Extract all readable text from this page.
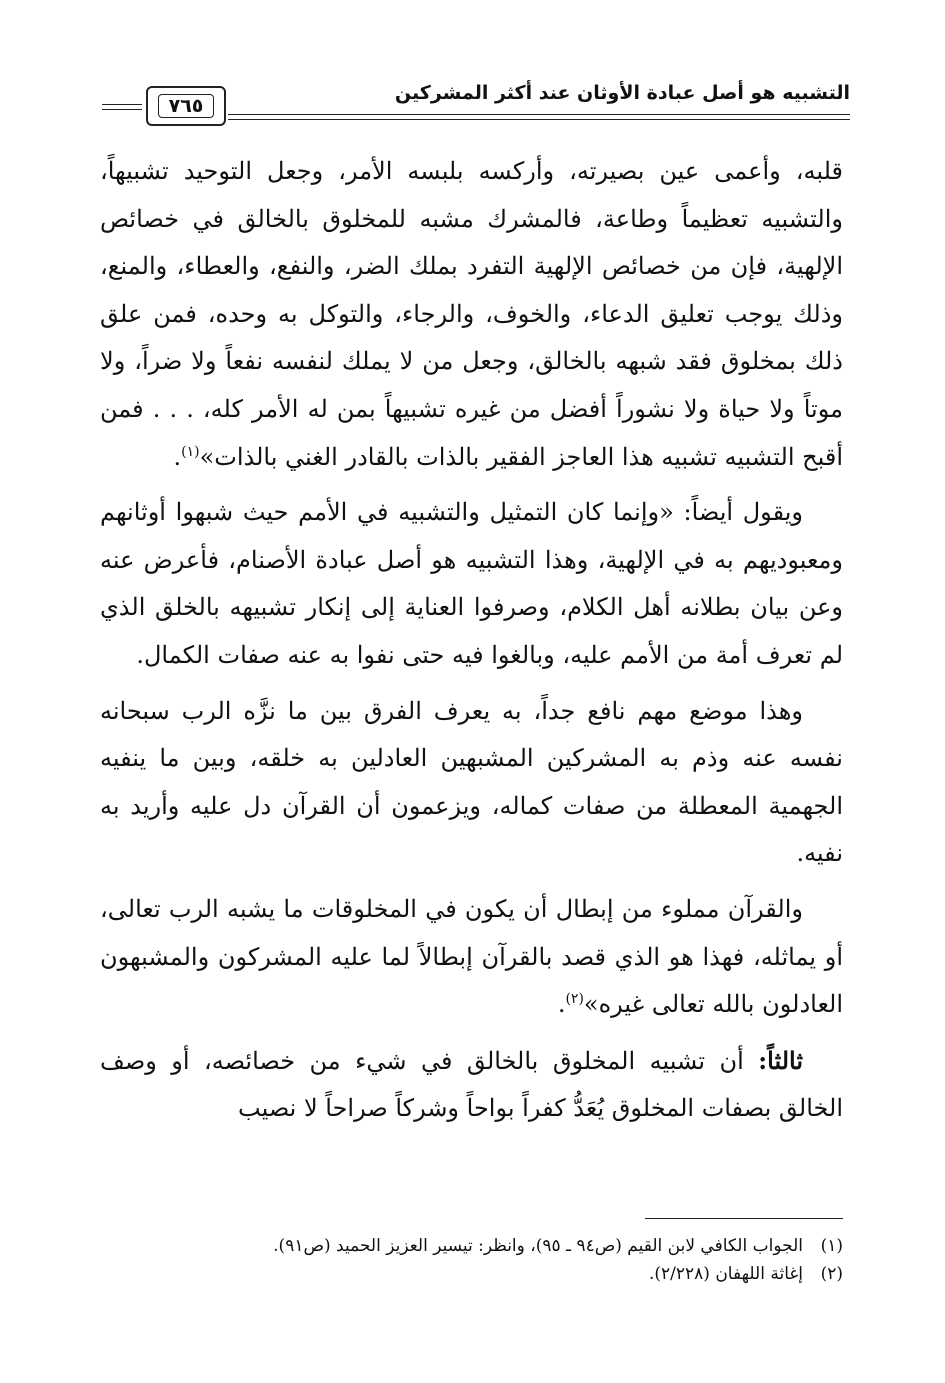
التشبيه هو أصل عبادة الأوثان عند أكثر المشركين
٧٦٥

قلبه، وأعمى عين بصيرته، وأركسه بلبسه الأمر، وجعل التوحيد تشبيهاً، والتشبيه تعظيماً وطاعة، فالمشرك مشبه للمخلوق بالخالق في خصائص الإلهية، فإن من خصائص الإلهية التفرد بملك الضر، والنفع، والعطاء، والمنع، وذلك يوجب تعليق الدعاء، والخوف، والرجاء، والتوكل به وحده، فمن علق ذلك بمخلوق فقد شبهه بالخالق، وجعل من لا يملك لنفسه نفعاً ولا ضراً، ولا موتاً ولا حياة ولا نشوراً أفضل من غيره تشبيهاً بمن له الأمر كله، . . . فمن أقبح التشبيه تشبيه هذا العاجز الفقير بالذات بالقادر الغني بالذات»$^{(١)}$.

ويقول أيضاً: «وإنما كان التمثيل والتشبيه في الأمم حيث شبهوا أوثانهم ومعبوديهم به في الإلهية، وهذا التشبيه هو أصل عبادة الأصنام، فأعرض عنه وعن بيان بطلانه أهل الكلام، وصرفوا العناية إلى إنكار تشبيهه بالخلق الذي لم تعرف أمة من الأمم عليه، وبالغوا فيه حتى نفوا به عنه صفات الكمال.

وهذا موضع مهم نافع جداً، به يعرف الفرق بين ما نزَّه الرب سبحانه نفسه عنه وذم به المشركين المشبهين العادلين به خلقه، وبين ما ينفيه الجهمية المعطلة من صفات كماله، ويزعمون أن القرآن دل عليه وأريد به نفيه.

والقرآن مملوء من إبطال أن يكون في المخلوقات ما يشبه الرب تعالى، أو يماثله، فهذا هو الذي قصد بالقرآن إبطالاً لما عليه المشركون والمشبهون العادلون بالله تعالى غيره»$^{(٢)}$.

ثالثاً: أن تشبيه المخلوق بالخالق في شيء من خصائصه، أو وصف الخالق بصفات المخلوق يُعَدُّ كفراً بواحاً وشركاً صراحاً لا نصيب

(١)الجواب الكافي لابن القيم (ص٩٤ ـ ٩٥)، وانظر: تيسير العزيز الحميد (ص٩١).
(٢)إغاثة اللهفان (٢/٢٢٨).
